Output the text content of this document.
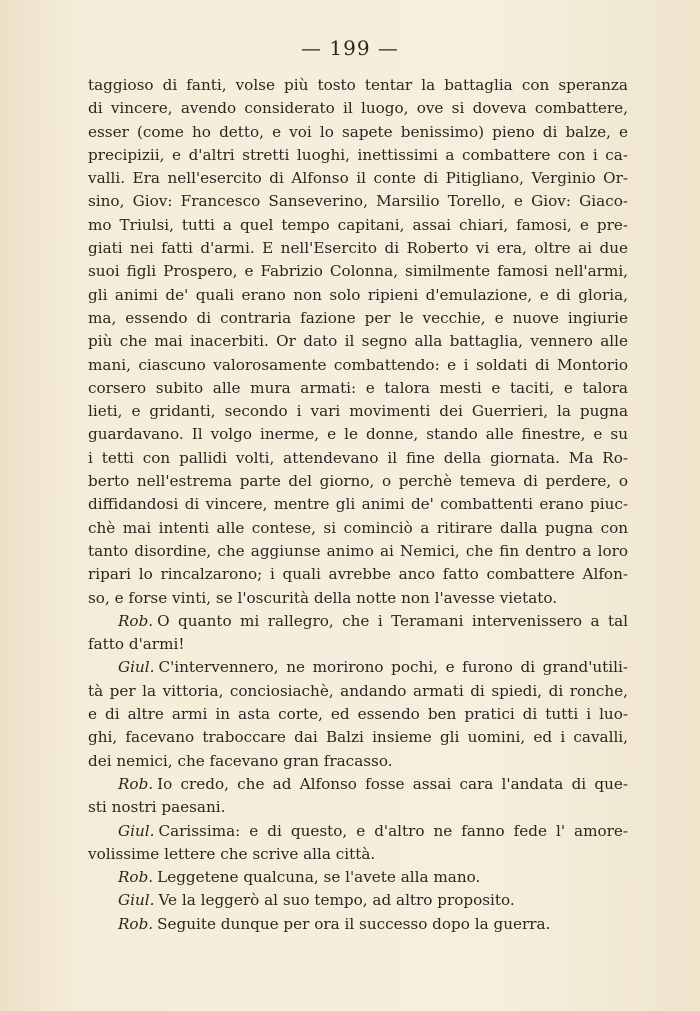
— 199 —
taggioso di fanti, volse più tosto tentar la battaglia con speranza
di vincere, avendo considerato il luogo, ove si doveva combattere,
esser (come ho detto, e voi lo sapete benissimo) pieno di balze, e
precipizii, e d'altri stretti luoghi, inettissimi a combattere con i ca-
valli. Era nell'esercito di Alfonso il conte di Pitigliano, Verginio Or-
sino, Giov: Francesco Sanseverino, Marsilio Torello, e Giov: Giaco-
mo Triulsi, tutti a quel tempo capitani, assai chiari, famosi, e pre-
giati nei fatti d'armi. E nell'Esercito di Roberto vi era, oltre ai due
suoi figli Prospero, e Fabrizio Colonna, similmente famosi nell'armi,
gli animi de' quali erano non solo ripieni d'emulazione, e di gloria,
ma, essendo di contraria fazione per le vecchie, e nuove ingiurie
più che mai inacerbiti. Or dato il segno alla battaglia, vennero alle
mani, ciascuno valorosamente combattendo: e i soldati di Montorio
corsero subito alle mura armati: e talora mesti e taciti, e talora
lieti, e gridanti, secondo i vari movimenti dei Guerrieri, la pugna
guardavano. Il volgo inerme, e le donne, stando alle finestre, e su
i tetti con pallidi volti, attendevano il fine della giornata. Ma Ro-
berto nell'estrema parte del giorno, o perchè temeva di perdere, o
diffidandosi di vincere, mentre gli animi de' combattenti erano piuc-
chè mai intenti alle contese, si cominciò a ritirare dalla pugna con
tanto disordine, che aggiunse animo ai Nemici, che fin dentro a loro
ripari lo rincalzarono; i quali avrebbe anco fatto combattere Alfon-
so, e forse vinti, se l'oscurità della notte non l'avesse vietato.
Rob. O quanto mi rallegro, che i Teramani intervenissero a tal
fatto d'armi!
Giul. C'intervennero, ne morirono pochi, e furono di grand'utili-
tà per la vittoria, conciosiachè, andando armati di spiedi, di ronche,
e di altre armi in asta corte, ed essendo ben pratici di tutti i luo-
ghi, facevano traboccare dai Balzi insieme gli uomini, ed i cavalli,
dei nemici, che facevano gran fracasso.
Rob. Io credo, che ad Alfonso fosse assai cara l'andata di que-
sti nostri paesani.
Giul. Carissima: e di questo, e d'altro ne fanno fede l' amore-
volissime lettere che scrive alla città.
Rob. Leggetene qualcuna, se l'avete alla mano.
Giul. Ve la leggerò al suo tempo, ad altro proposito.
Rob. Seguite dunque per ora il successo dopo la guerra.
